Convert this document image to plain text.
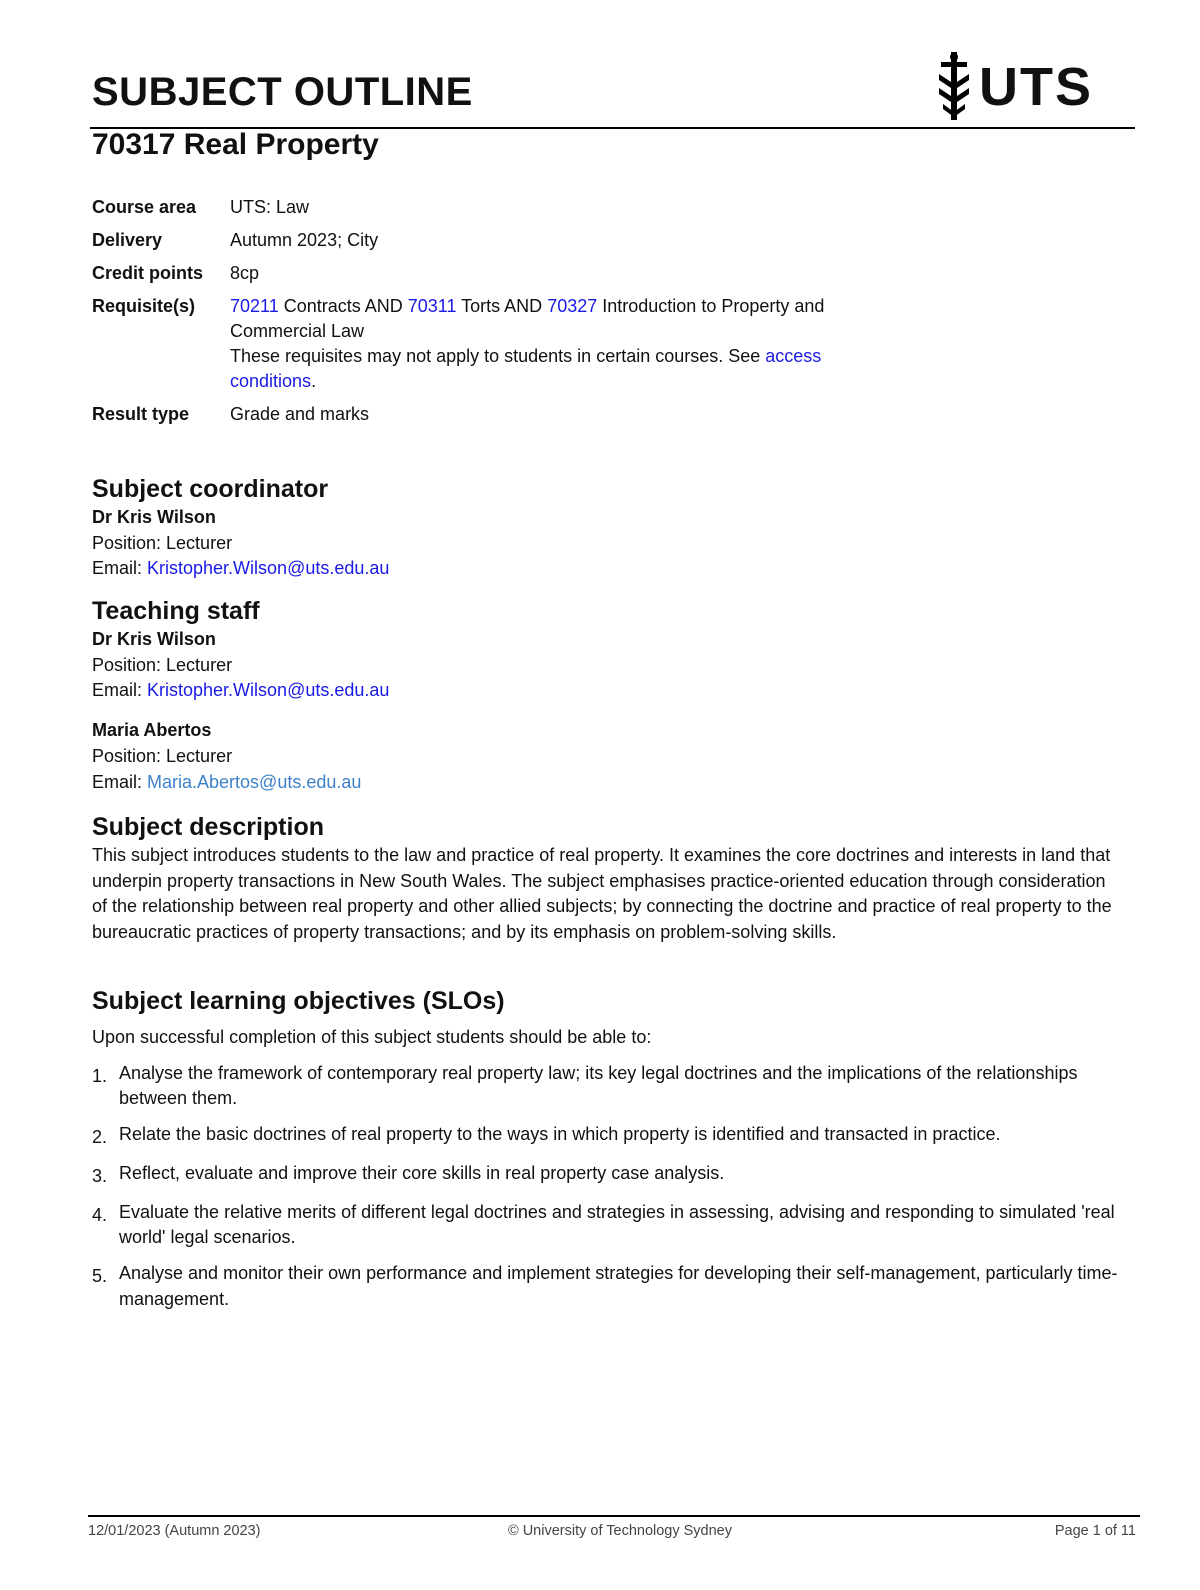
SUBJECT OUTLINE	UTS
70317 Real Property
Course area	UTS: Law
Delivery	Autumn 2023; City
Credit points	8cp
Requisite(s)	70211 Contracts AND 70311 Torts AND 70327 Introduction to Property and Commercial Law
These requisites may not apply to students in certain courses. See access conditions.
Result type	Grade and marks
Subject coordinator
Dr Kris Wilson
Position: Lecturer
Email: Kristopher.Wilson@uts.edu.au
Teaching staff
Dr Kris Wilson
Position: Lecturer
Email: Kristopher.Wilson@uts.edu.au
Maria Abertos
Position: Lecturer
Email: Maria.Abertos@uts.edu.au
Subject description

This subject introduces students to the law and practice of real property. It examines the core doctrines and interests in land that underpin property transactions in New South Wales. The subject emphasises practice-oriented education through consideration of the relationship between real property and other allied subjects; by connecting the doctrine and practice of real property to the bureaucratic practices of property transactions; and by its emphasis on problem-solving skills.

Subject learning objectives (SLOs)

Upon successful completion of this subject students should be able to:

1. Analyse the framework of contemporary real property law; its key legal doctrines and the implications of the relationships between them.
2. Relate the basic doctrines of real property to the ways in which property is identified and transacted in practice.
3. Reflect, evaluate and improve their core skills in real property case analysis.
4. Evaluate the relative merits of different legal doctrines and strategies in assessing, advising and responding to simulated 'real world' legal scenarios.
5. Analyse and monitor their own performance and implement strategies for developing their self-management, particularly time-management.
12/01/2023 (Autumn 2023)	© University of Technology Sydney	Page 1 of 11
